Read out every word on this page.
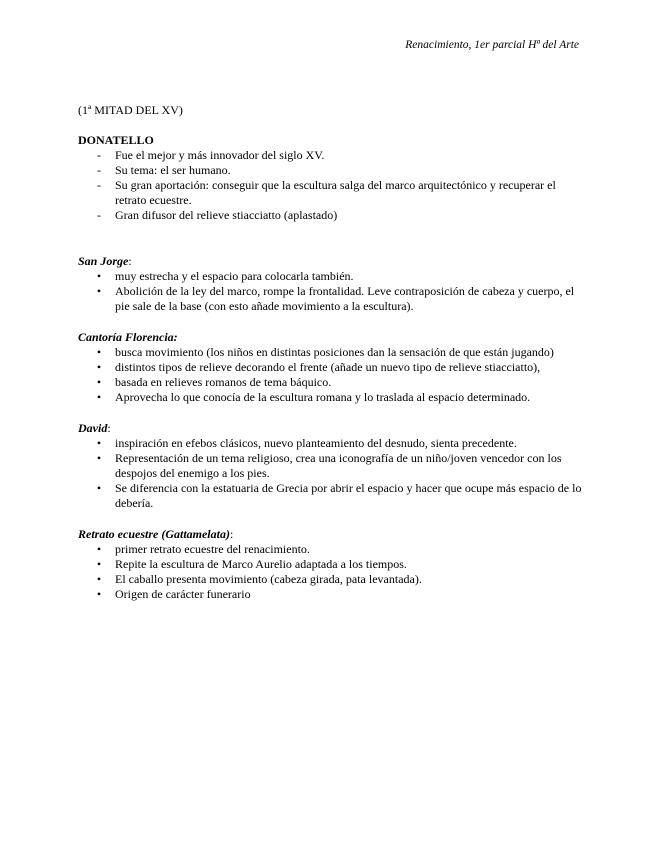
Renacimiento, 1er parcial Hª del Arte

(1ª MITAD DEL XV)

DONATELLO

-	Fue el mejor y más innovador del siglo XV.
-	Su tema: el ser humano.
-	Su gran aportación: conseguir que la escultura salga del marco arquitectónico y recuperar el retrato ecuestre.
-	Gran difusor del relieve stiacciatto (aplastado)
San Jorge:
•	muy estrecha y el espacio para colocarla también.
•	Abolición de la ley del marco, rompe la frontalidad. Leve contraposición de cabeza y cuerpo, el pie sale de la base (con esto añade movimiento a la escultura).
Cantoría Florencia:
•	busca movimiento (los niños en distintas posiciones dan la sensación de que están jugando)
•	distintos tipos de relieve decorando el frente (añade un nuevo tipo de relieve stiacciatto),
•	basada en relieves romanos de tema báquico.
•	Aprovecha lo que conocía de la escultura romana y lo traslada al espacio determinado.
David:
•	inspiración en efebos clásicos, nuevo planteamiento del desnudo, sienta precedente.
•	Representación de un tema religioso, crea una iconografía de un niño/joven vencedor con los despojos del enemigo a los pies.
•	Se diferencia con la estatuaria de Grecia por abrir el espacio y hacer que ocupe más espacio de lo debería.
Retrato ecuestre (Gattamelata):
•	primer retrato ecuestre del renacimiento.
•	Repite la escultura de Marco Aurelio adaptada a los tiempos.
•	El caballo presenta movimiento (cabeza girada, pata levantada).
•	Origen de carácter funerario
